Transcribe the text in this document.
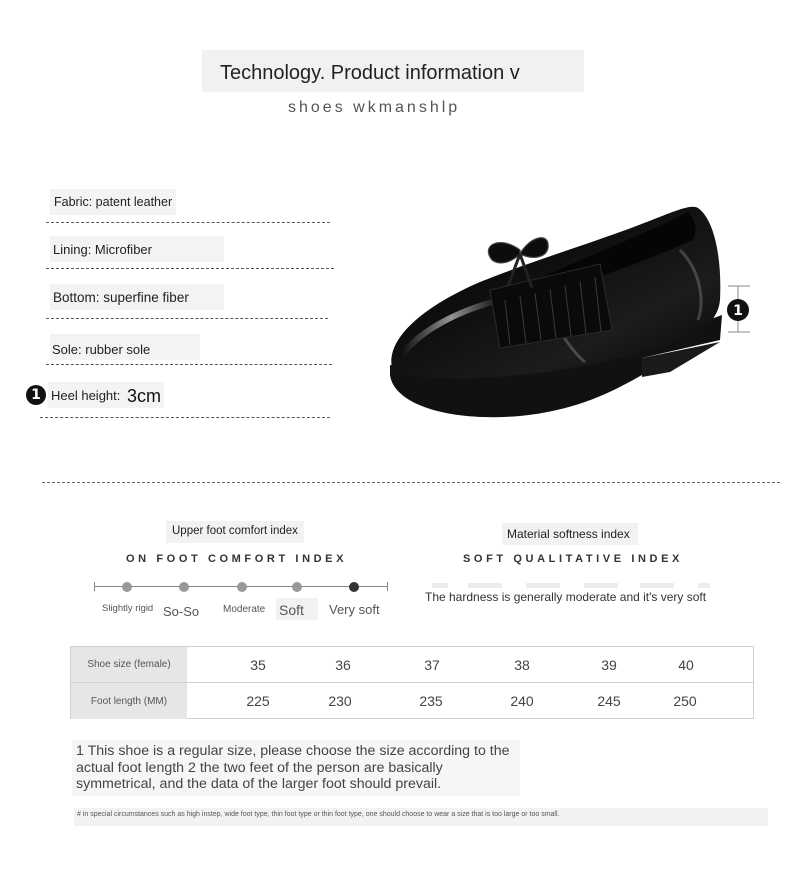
Technology. Product information v
shoes wkmanshlp
Fabric: patent leather
Lining: Microfiber
Bottom: superfine fiber
Sole: rubber sole
1 Heel height: 3cm
1
Upper foot comfort index
ON FOOT COMFORT INDEX
Slightly rigid So-So Moderate Soft Very soft
Material softness index
SOFT QUALITATIVE INDEX
The hardness is generally moderate and it's very soft
Shoe size (female)	35	36	37	38	39	40
Foot length (MM)	225	230	235	240	245	250
1 This shoe is a regular size, please choose the size according to the actual foot length 2 the two feet of the person are basically symmetrical, and the data of the larger foot should prevail.
# in special circumstances such as high instep, wide foot type, thin foot type or thin foot type, one should choose to wear a size that is too large or too small.
